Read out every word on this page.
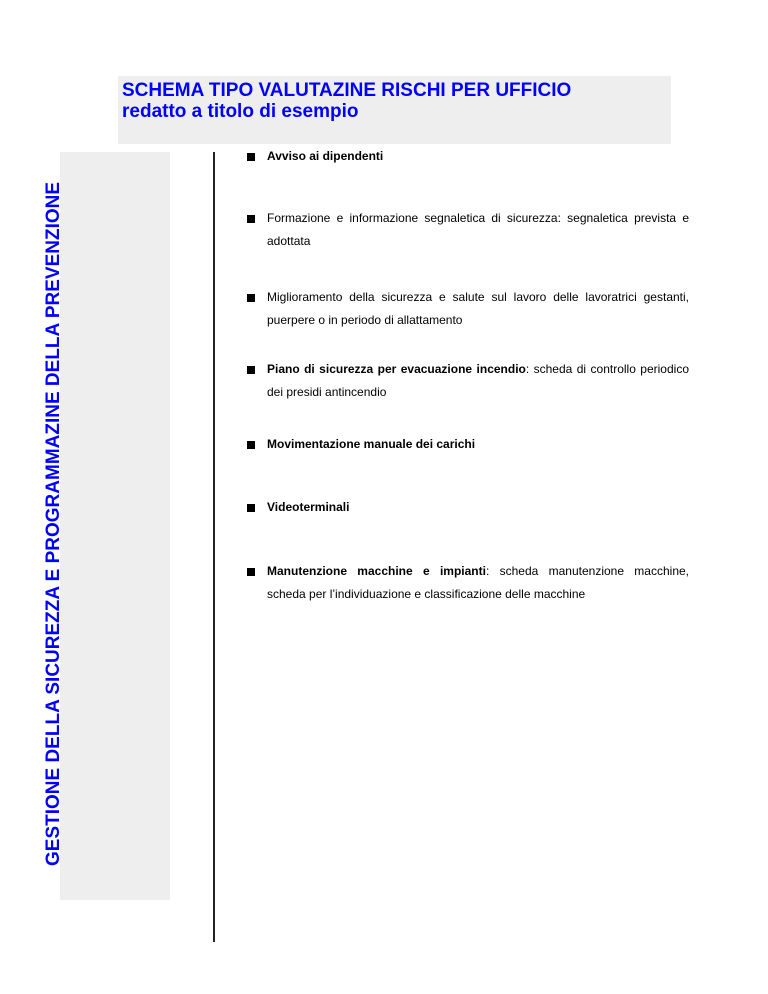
SCHEMA TIPO VALUTAZINE RISCHI PER UFFICIO
redatto a titolo di esempio

GESTIONE DELLA SICUREZZA E PROGRAMMAZINE DELLA PREVENZIONE

Avviso ai dipendenti
Formazione e informazione segnaletica di sicurezza: segnaletica prevista e adottata
Miglioramento della sicurezza e salute sul lavoro delle lavoratrici gestanti, puerpere o in periodo di allattamento
Piano di sicurezza per evacuazione incendio: scheda di controllo periodico dei presidi antincendio
Movimentazione manuale dei carichi
Videoterminali
Manutenzione macchine e impianti: scheda manutenzione macchine, scheda per l’individuazione e classificazione delle macchine
